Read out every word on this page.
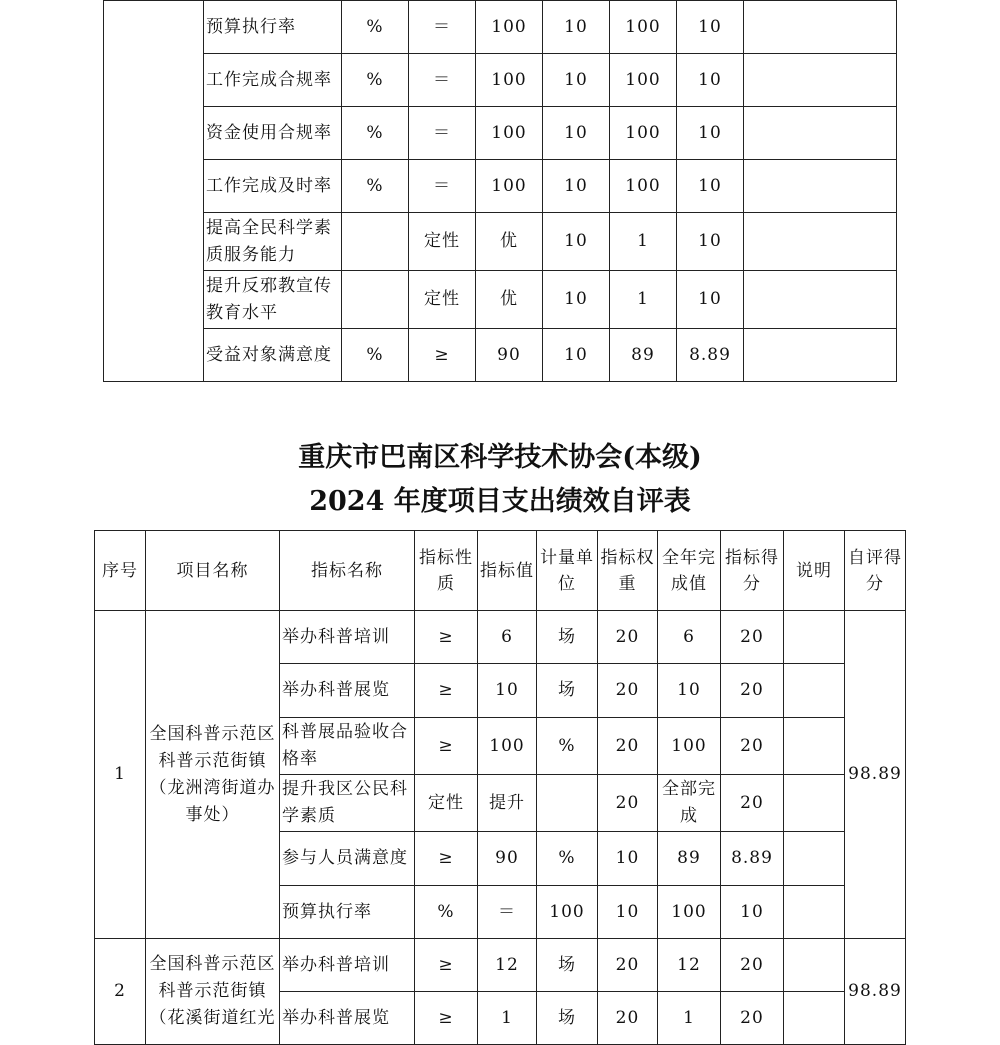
	预算执行率	%	＝	100	10	100	10	
	工作完成合规率	%	＝	100	10	100	10	
	资金使用合规率	%	＝	100	10	100	10	
	工作完成及时率	%	＝	100	10	100	10	
	提高全民科学素质服务能力		定性	优	10	1	10	
	提升反邪教宣传教育水平		定性	优	10	1	10	
	受益对象满意度	%	≥	90	10	89	8.89	
重庆市巴南区科学技术协会(本级)
2024 年度项目支出绩效自评表
序号	项目名称	指标名称	指标性质	指标值	计量单位	指标权重	全年完成值	指标得分	说明	自评得分
1	全国科普示范区科普示范街镇（龙洲湾街道办事处）	举办科普培训	≥	6	场	20	6	20		98.89
		举办科普展览	≥	10	场	20	10	20		
		科普展品验收合格率	≥	100	%	20	100	20		
		提升我区公民科学素质	定性	提升		20	全部完成	20		
		参与人员满意度	≥	90	%	10	89	8.89		
		预算执行率	%	＝	100	10	100	10		
2	全国科普示范区科普示范街镇（花溪街道红光	举办科普培训	≥	12	场	20	12	20		98.89
		举办科普展览	≥	1	场	20	1	20		
